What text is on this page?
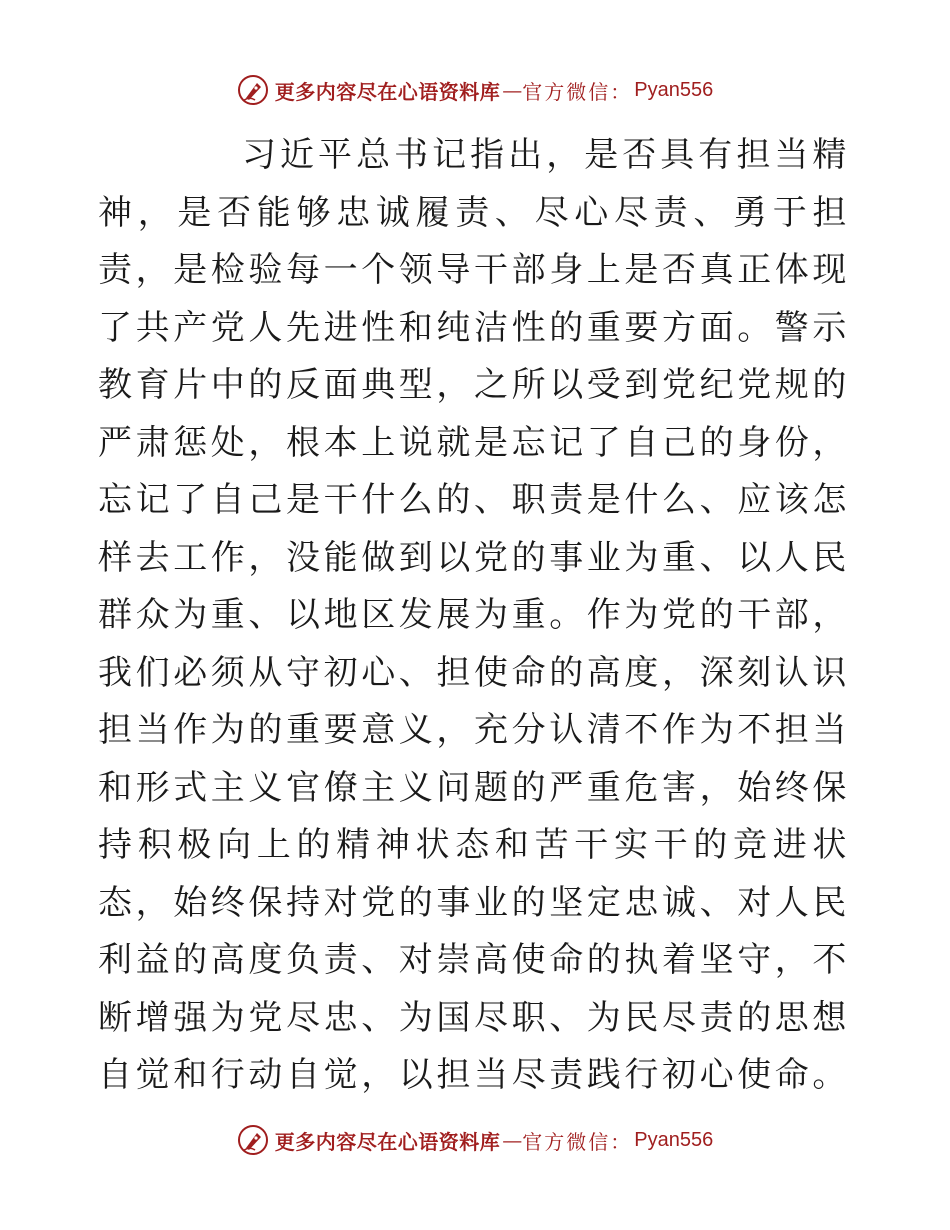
更多内容尽在心语资料库 — 官方微信： Pyan556

习近平总书记指出，是否具有担当精神，是否能够忠诚履责、尽心尽责、勇于担责，是检验每一个领导干部身上是否真正体现了共产党人先进性和纯洁性的重要方面。警示教育片中的反面典型，之所以受到党纪党规的严肃惩处，根本上说就是忘记了自己的身份，忘记了自己是干什么的、职责是什么、应该怎样去工作，没能做到以党的事业为重、以人民群众为重、以地区发展为重。作为党的干部，我们必须从守初心、担使命的高度，深刻认识担当作为的重要意义，充分认清不作为不担当和形式主义官僚主义问题的严重危害，始终保持积极向上的精神状态和苦干实干的竞进状态，始终保持对党的事业的坚定忠诚、对人民利益的高度负责、对崇高使命的执着坚守，不断增强为党尽忠、为国尽职、为民尽责的思想自觉和行动自觉，以担当尽责践行初心使命。

更多内容尽在心语资料库 — 官方微信： Pyan556
